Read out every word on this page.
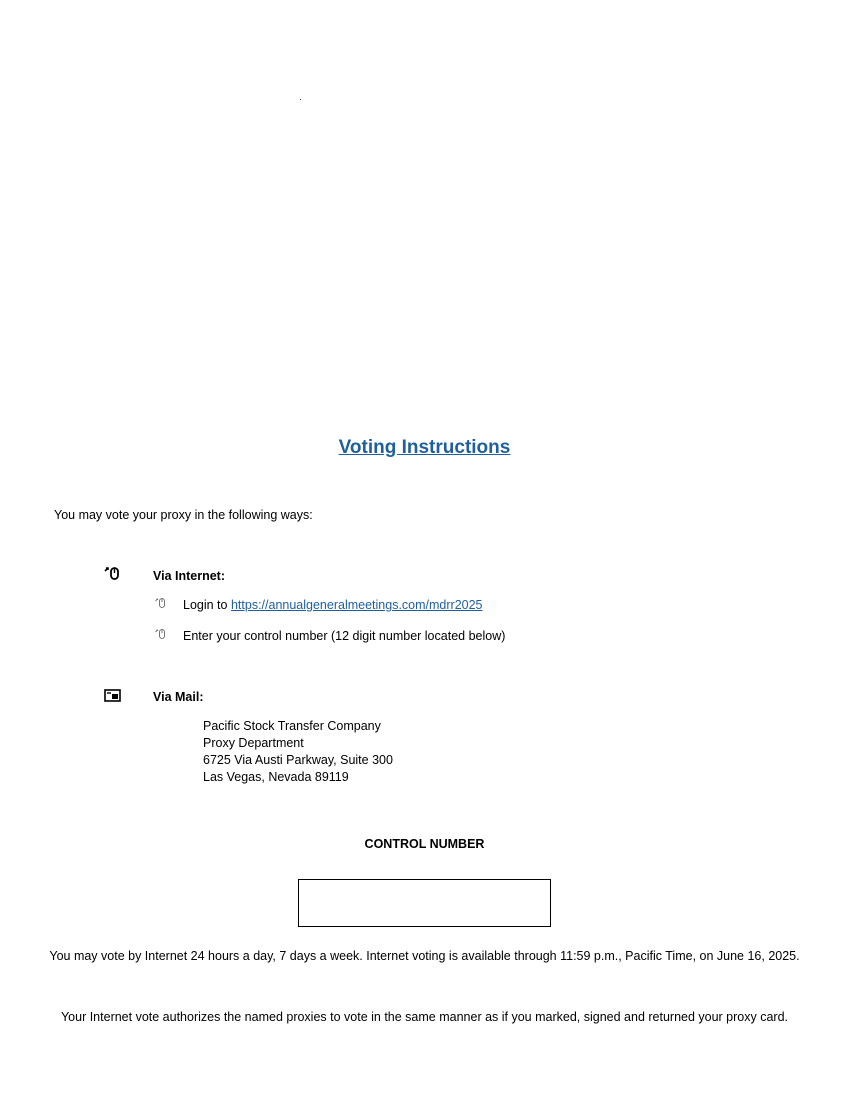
Voting Instructions
You may vote your proxy in the following ways:
Via Internet:
Login to https://annualgeneralmeetings.com/mdrr2025
Enter your control number (12 digit number located below)
Via Mail:
Pacific Stock Transfer Company
Proxy Department
6725 Via Austi Parkway, Suite 300
Las Vegas, Nevada 89119
CONTROL NUMBER
You may vote by Internet 24 hours a day, 7 days a week. Internet voting is available through 11:59 p.m., Pacific Time, on June 16, 2025.
Your Internet vote authorizes the named proxies to vote in the same manner as if you marked, signed and returned your proxy card.
